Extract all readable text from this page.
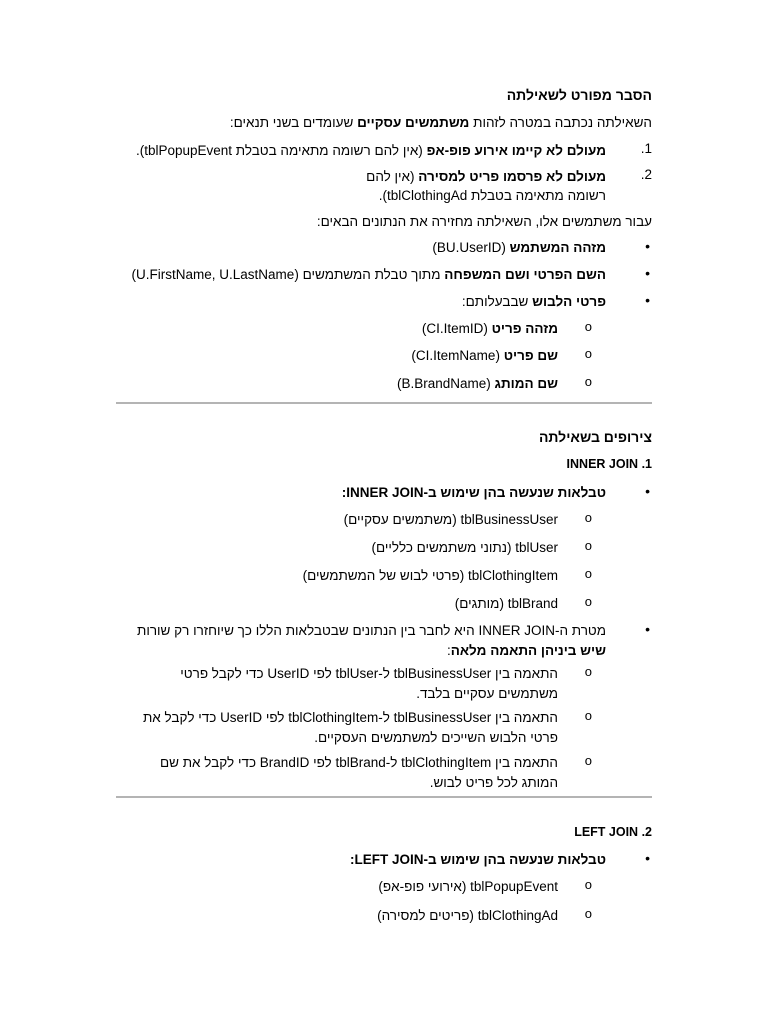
הסבר מפורט לשאילתה
השאילתה נכתבה במטרה לזהות משתמשים עסקיים שעומדים בשני תנאים:
1.
מעולם לא קיימו אירוע פופ-אפ (אין להם רשומה מתאימה בטבלת tblPopupEvent).
2.
מעולם לא פרסמו פריט למסירה (אין להם רשומה מתאימה בטבלת tblClothingAd).
עבור משתמשים אלו, השאילתה מחזירה את הנתונים הבאים:
•
מזהה המשתמש (BU.UserID)
•
השם הפרטי ושם המשפחה מתוך טבלת המשתמשים (U.FirstName, U.LastName)
•
פרטי הלבוש שבבעלותם:
o
מזהה פריט (CI.ItemID)
o
שם פריט (CI.ItemName)
o
שם המותג (B.BrandName)
צירופים בשאילתה
1. INNER JOIN
•
טבלאות שנעשה בהן שימוש ב-INNER JOIN:
o
tblBusinessUser (משתמשים עסקיים)
o
tblUser (נתוני משתמשים כלליים)
o
tblClothingItem (פרטי לבוש של המשתמשים)
o
tblBrand (מותגים)
•
מטרת ה-INNER JOIN היא לחבר בין הנתונים שבטבלאות הללו כך שיוחזרו רק שורות שיש ביניהן התאמה מלאה:
o
התאמה בין tblBusinessUser ל-tblUser לפי UserID כדי לקבל פרטי משתמשים עסקיים בלבד.
o
התאמה בין tblBusinessUser ל-tblClothingItem לפי UserID כדי לקבל את פרטי הלבוש השייכים למשתמשים העסקיים.
o
התאמה בין tblClothingItem ל-tblBrand לפי BrandID כדי לקבל את שם המותג לכל פריט לבוש.
2. LEFT JOIN
•
טבלאות שנעשה בהן שימוש ב-LEFT JOIN:
o
tblPopupEvent (אירועי פופ-אפ)
o
tblClothingAd (פריטים למסירה)
